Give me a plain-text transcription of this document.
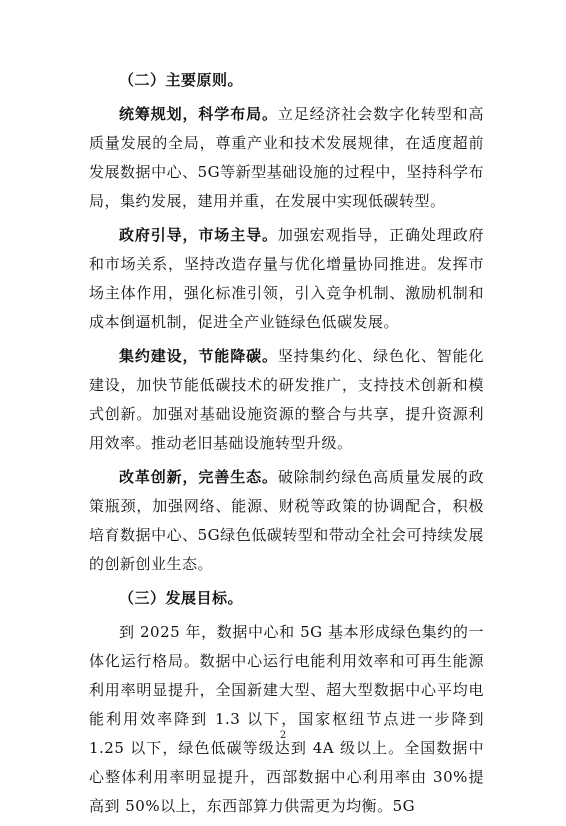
（二）主要原则。

统筹规划，科学布局。立足经济社会数字化转型和高质量发展的全局，尊重产业和技术发展规律，在适度超前发展数据中心、5G等新型基础设施的过程中，坚持科学布局，集约发展，建用并重，在发展中实现低碳转型。

政府引导，市场主导。加强宏观指导，正确处理政府和市场关系，坚持改造存量与优化增量协同推进。发挥市场主体作用，强化标准引领，引入竞争机制、激励机制和成本倒逼机制，促进全产业链绿色低碳发展。

集约建设，节能降碳。坚持集约化、绿色化、智能化建设，加快节能低碳技术的研发推广，支持技术创新和模式创新。加强对基础设施资源的整合与共享，提升资源利用效率。推动老旧基础设施转型升级。

改革创新，完善生态。破除制约绿色高质量发展的政策瓶颈，加强网络、能源、财税等政策的协调配合，积极培育数据中心、5G绿色低碳转型和带动全社会可持续发展的创新创业生态。

（三）发展目标。

到 2025 年，数据中心和 5G 基本形成绿色集约的一体化运行格局。数据中心运行电能利用效率和可再生能源利用率明显提升，全国新建大型、超大型数据中心平均电能利用效率降到 1.3 以下，国家枢纽节点进一步降到 1.25 以下，绿色低碳等级达到 4A 级以上。全国数据中心整体利用率明显提升，西部数据中心利用率由 30%提高到 50%以上，东西部算力供需更为均衡。5G

2
